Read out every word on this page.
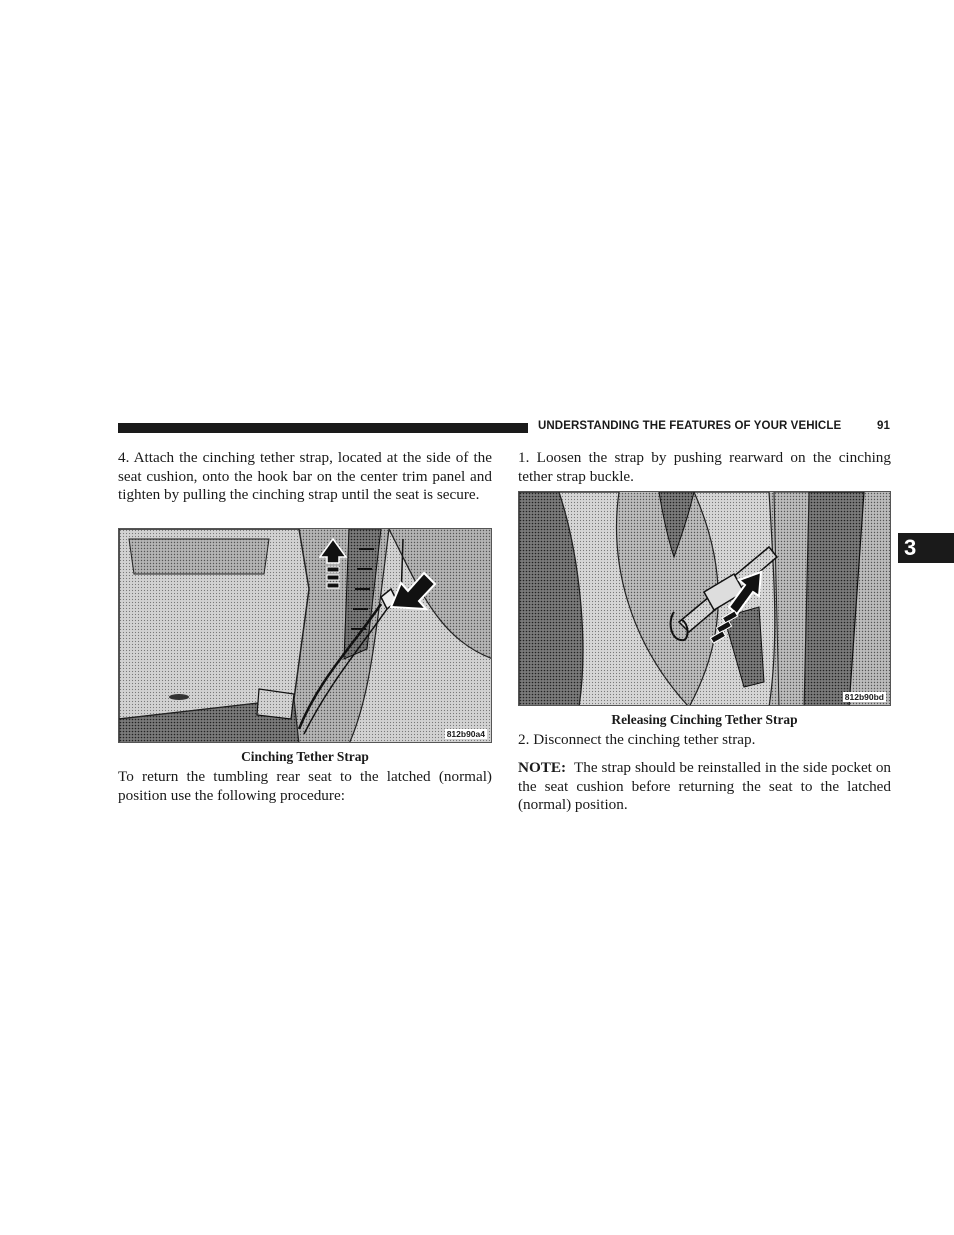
UNDERSTANDING THE FEATURES OF YOUR VEHICLE	91
3

4. Attach the cinching tether strap, located at the side of the seat cushion, onto the hook bar on the center trim panel and tighten by pulling the cinching strap until the seat is secure.

812b90a4

Cinching Tether Strap

To return the tumbling rear seat to the latched (normal) position use the following procedure:

1. Loosen the strap by pushing rearward on the cinching tether strap buckle.

812b90bd

Releasing Cinching Tether Strap

2. Disconnect the cinching tether strap.

NOTE: The strap should be reinstalled in the side pocket on the seat cushion before returning the seat to the latched (normal) position.
